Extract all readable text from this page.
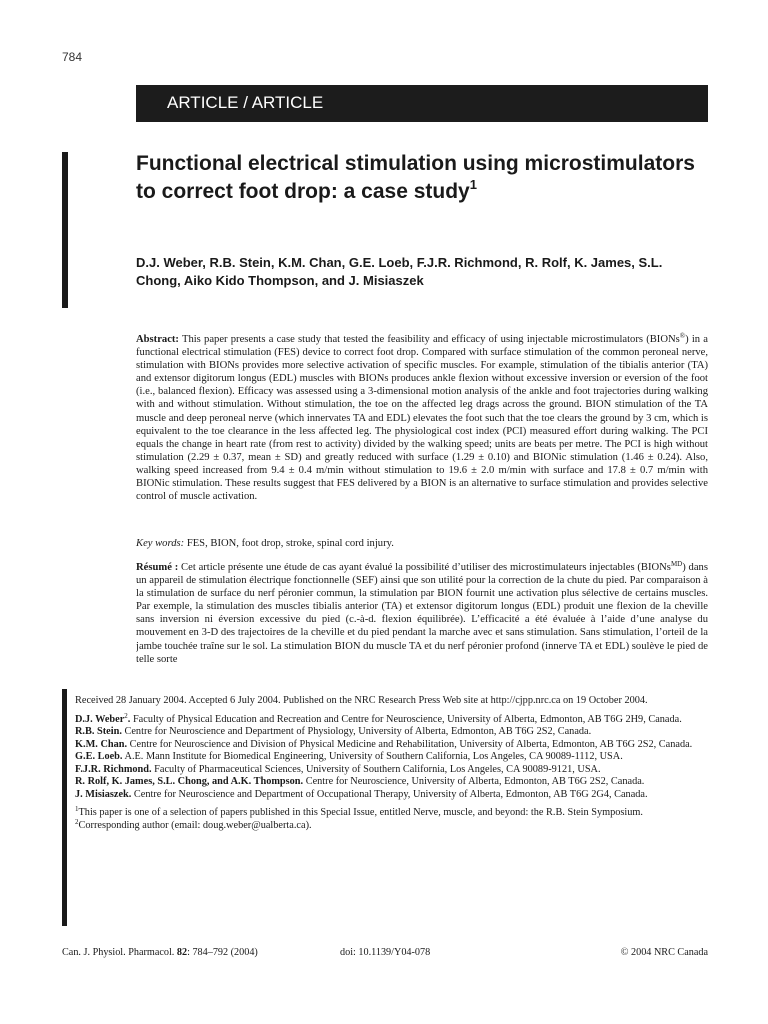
784
ARTICLE / ARTICLE
Functional electrical stimulation using microstimulators to correct foot drop: a case study$^1$
D.J. Weber, R.B. Stein, K.M. Chan, G.E. Loeb, F.J.R. Richmond, R. Rolf, K. James, S.L. Chong, Aiko Kido Thompson, and J. Misiaszek

Abstract: This paper presents a case study that tested the feasibility and efficacy of using injectable microstimulators (BIONs®) in a functional electrical stimulation (FES) device to correct foot drop. Compared with surface stimulation of the common peroneal nerve, stimulation with BIONs provides more selective activation of specific muscles. For example, stimulation of the tibialis anterior (TA) and extensor digitorum longus (EDL) muscles with BIONs produces ankle flexion without excessive inversion or eversion of the foot (i.e., balanced flexion). Efficacy was assessed using a 3-dimensional motion analysis of the ankle and foot trajectories during walking with and without stimulation. Without stimulation, the toe on the affected leg drags across the ground. BION stimulation of the TA muscle and deep peroneal nerve (which innervates TA and EDL) elevates the foot such that the toe clears the ground by 3 cm, which is equivalent to the toe clearance in the less affected leg. The physiological cost index (PCI) measured effort during walking. The PCI equals the change in heart rate (from rest to activity) divided by the walking speed; units are beats per metre. The PCI is high without stimulation (2.29 ± 0.37, mean ± SD) and greatly reduced with surface (1.29 ± 0.10) and BIONic stimulation (1.46 ± 0.24). Also, walking speed increased from 9.4 ± 0.4 m/min without stimulation to 19.6 ± 2.0 m/min with surface and 17.8 ± 0.7 m/min with BIONic stimulation. These results suggest that FES delivered by a BION is an alternative to surface stimulation and provides selective control of muscle activation.

Key words: FES, BION, foot drop, stroke, spinal cord injury.

Résumé : Cet article présente une étude de cas ayant évalué la possibilité d’utiliser des microstimulateurs injectables (BIONs$^{MD}$) dans un appareil de stimulation électrique fonctionnelle (SEF) ainsi que son utilité pour la correction de la chute du pied. Par comparaison à la stimulation de surface du nerf péronier commun, la stimulation par BION fournit une activation plus sélective de certains muscles. Par exemple, la stimulation des muscles tibialis anterior (TA) et extensor digitorum longus (EDL) produit une flexion de la cheville sans inversion ni éversion excessive du pied (c.-à-d. flexion équilibrée). L’efficacité a été évaluée à l’aide d’une analyse du mouvement en 3-D des trajectoires de la cheville et du pied pendant la marche avec et sans stimulation. Sans stimulation, l’orteil de la jambe touchée traîne sur le sol. La stimulation BION du muscle TA et du nerf péronier profond (innerve TA et EDL) soulève le pied de telle sorte

Received 28 January 2004. Accepted 6 July 2004. Published on the NRC Research Press Web site at http://cjpp.nrc.ca on 19 October 2004.

D.J. Weber$^2$. Faculty of Physical Education and Recreation and Centre for Neuroscience, University of Alberta, Edmonton, AB T6G 2H9, Canada.

R.B. Stein. Centre for Neuroscience and Department of Physiology, University of Alberta, Edmonton, AB T6G 2S2, Canada.

K.M. Chan. Centre for Neuroscience and Division of Physical Medicine and Rehabilitation, University of Alberta, Edmonton, AB T6G 2S2, Canada.

G.E. Loeb. A.E. Mann Institute for Biomedical Engineering, University of Southern California, Los Angeles, CA 90089-1112, USA.

F.J.R. Richmond. Faculty of Pharmaceutical Sciences, University of Southern California, Los Angeles, CA 90089-9121, USA.

R. Rolf, K. James, S.L. Chong, and A.K. Thompson. Centre for Neuroscience, University of Alberta, Edmonton, AB T6G 2S2, Canada.

J. Misiaszek. Centre for Neuroscience and Department of Occupational Therapy, University of Alberta, Edmonton, AB T6G 2G4, Canada.

$^1$This paper is one of a selection of papers published in this Special Issue, entitled Nerve, muscle, and beyond: the R.B. Stein Symposium.

$^2$Corresponding author (email: doug.weber@ualberta.ca).

Can. J. Physiol. Pharmacol. 82: 784–792 (2004)	doi: 10.1139/Y04-078	© 2004 NRC Canada
